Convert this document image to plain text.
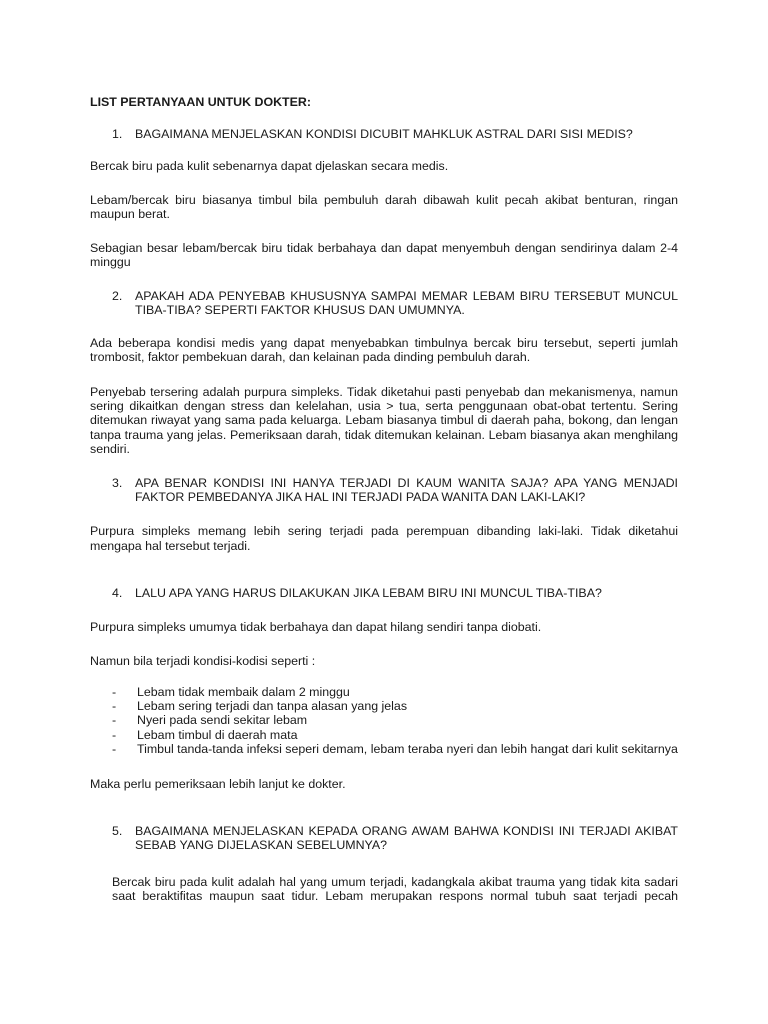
LIST PERTANYAAN UNTUK DOKTER:
1. BAGAIMANA MENJELASKAN KONDISI DICUBIT MAHKLUK ASTRAL DARI SISI MEDIS?
Bercak biru pada kulit sebenarnya dapat djelaskan secara medis.
Lebam/bercak biru biasanya timbul bila pembuluh darah dibawah kulit pecah akibat benturan, ringan
maupun berat.
Sebagian besar lebam/bercak biru tidak berbahaya dan dapat menyembuh dengan sendirinya dalam 2-4
minggu
2. APAKAH ADA PENYEBAB KHUSUSNYA SAMPAI MEMAR LEBAM BIRU TERSEBUT MUNCUL
TIBA-TIBA? SEPERTI FAKTOR KHUSUS DAN UMUMNYA.
Ada beberapa kondisi medis yang dapat menyebabkan timbulnya bercak biru tersebut, seperti jumlah
trombosit, faktor pembekuan darah, dan kelainan pada dinding pembuluh darah.
Penyebab tersering adalah purpura simpleks. Tidak diketahui pasti penyebab dan mekanismenya, namun
sering dikaitkan dengan stress dan kelelahan, usia > tua, serta penggunaan obat-obat tertentu. Sering
ditemukan riwayat yang sama pada keluarga. Lebam biasanya timbul di daerah paha, bokong, dan lengan
tanpa trauma yang jelas. Pemeriksaan darah, tidak ditemukan kelainan. Lebam biasanya akan menghilang
sendiri.
3. APA BENAR KONDISI INI HANYA TERJADI DI KAUM WANITA SAJA? APA YANG MENJADI
FAKTOR PEMBEDANYA JIKA HAL INI TERJADI PADA WANITA DAN LAKI-LAKI?
Purpura simpleks memang lebih sering terjadi pada perempuan dibanding laki-laki. Tidak diketahui
mengapa hal tersebut terjadi.
4. LALU APA YANG HARUS DILAKUKAN JIKA LEBAM BIRU INI MUNCUL TIBA-TIBA?
Purpura simpleks umumya tidak berbahaya dan dapat hilang sendiri tanpa diobati.
Namun bila terjadi kondisi-kodisi seperti :
- Lebam tidak membaik dalam 2 minggu
- Lebam sering terjadi dan tanpa alasan yang jelas
- Nyeri pada sendi sekitar lebam
- Lebam timbul di daerah mata
- Timbul tanda-tanda infeksi seperi demam, lebam teraba nyeri dan lebih hangat dari kulit sekitarnya
Maka perlu pemeriksaan lebih lanjut ke dokter.
5. BAGAIMANA MENJELASKAN KEPADA ORANG AWAM BAHWA KONDISI INI TERJADI AKIBAT
SEBAB YANG DIJELASKAN SEBELUMNYA?
Bercak biru pada kulit adalah hal yang umum terjadi, kadangkala akibat trauma yang tidak kita sadari
saat beraktifitas maupun saat tidur. Lebam merupakan respons normal tubuh saat terjadi pecah
